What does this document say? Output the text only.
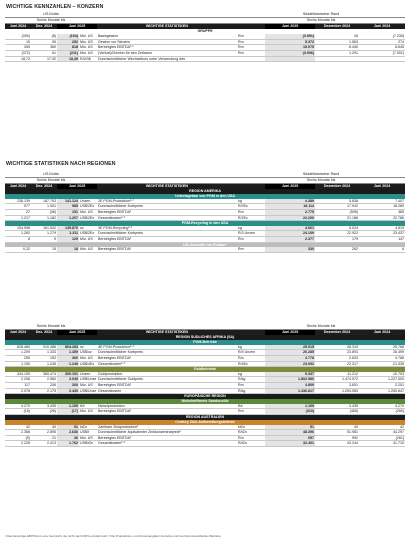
WICHTIGE KENNZAHLEN – KONZERN
US-Dollar					Südafrikanischer Rand			
Sechs Monate bis					Sechs Monate bis			
Juni 2024	Dez. 2024	Juni 2025		WICHTIGE STATISTIKEN		Juni 2025	Dezember 2024	Juni 2024
GRUPPE								
(390)	(8)	(194)	Mio. US	Basisgewinn	Rm	(3.591)	28	(7.235)
15	55	292	Mio. US	Gewinn vor Steuern	Rm	5.372	1.563	274
355	360	818	Mio. US	Bereinigtes EBITDA¹·²	Rm	15.075	6.440	6.645
(372)	61	(211)	Mio. US	(Verlust)/Gewinn für den Zeitraum	Rm	(3.906)	1.291	(7.001)
18,72	17,92	18,39	R/US$	Durchschnittlicher Wechselkurs unter Verwendung des				
WICHTIGE STATISTIKEN NACH REGIONEN
US-Dollar					Südafrikanischer Rand			
Sechs Monate bis					Sechs Monate bis			
Juni 2024	Dez. 2024	Juni 2025		WICHTIGE STATISTIKEN		Juni 2025	Dezember 2024	Juni 2024
REGION AMERIKA								
Untertagebau von PGM in den USA								
238.139	187.703	141.124	Unzen	2E PGM-Produktion¹·²	kg	4.389	5.838	7.407
977	1.001	985	US$/2Ez	Durchschnittlicher Korbpreis	R/2Ez	18.114	17.942	18.289
27	(36)	151	Mio. US	Bereinigtes EBITDA¹	Rm	2.775	(595)	485
1.217	1.182	1.207	US$/2Ez	Gesamtkosten²·³	R/2Ez	22.200	21.188	22.786
PGM-Recycling in den USA								
154.998	161.532	149.870	oz	3E PGM-Recycling²·³	kg	4.661	5.024	4.819
1.282	1.279	1.311	US$/2Ez	Durchschnittlicher Korbpreis	R/3 Unzen	24.109	22.922	23.437
8	9	129	Mio. US	Bereinigtes EBITDA¹	Rm	2.377	179	147
US-Geschäft von Reldan⁴								
0,32	15	18	Mio. US	Bereinigtes EBITDA¹	Rm	330	262	6
Sechs Monate bis					Sechs Monate bis			
Juni 2024	Dez. 2024	Juni 2025		WICHTIGE STATISTIKEN		Juni 2025	Dezember 2024	Juni 2024
REGION SÜDLICHES AFRIKA (SA)								
PGM-Betriebe								
828.460	910.486	804.283	oz	4E PGM-Produktion²·³	kg	25.015	28.319	25.768
1.209	1.333	1.459	US$/oz	Durchschnittlicher Korbpreis	R/4 Unzen	26.285	23.893	26.499
255	152	360	Mio. US	Bereinigtes EBITDA¹	Rm	4.778	2.633	4.766
1.150	1.245	1.249	US$/4Ez	Gesamtkosten²·³	R/4Ez	23.092	22.317	21.535
Goldbetriebe								
344.109	360.474	300.191	Unzen	Goldproduktion	kg	9.337	11.212	10.703
2.206	2.560	3.049	US$/Unze	Durchschnittlicher Goldpreis	R/kg	1.802.580	1.474.972	1.227.000
117	206	260	Mio. US	Bereinigtes EBITDA¹	Rm	4.809	3.651	2.201
2.078	2.175	2.430	US$/Unze	Gesamtkosten	R/kg	1.436.817	1.253.083	1.250.647
EUROPÄISCHE REGION								
Nickelraffinerie Sandouville								
4.270	3.435	1.109	tNi	Nickelproduktion	tNi	1.109	3.435	4.270
(15)	(26)	(17)	Mio. US	Bereinigtes EBITDA¹	Rm	(310)	(465)	(280)
REGION AUSTRALIEN								
Century Zink-Aufbereitungsbetrieb								
42	40	51	ktZn	Zahlbare Zinkproduktion²	ktZn	51	40	42
2.366	2.895	2.636	US$/t	Durchschnittlicher äquivalenter Zinkkonzentratpreis²	R/tZn	48.396	51.981	44.297
(9)	21	36	Mio. US	Bereinigtes EBITDA¹	Rm	657	992	(261)
2.228	2.413	1.762	US$/tZn	Gesamtkosten²·³	R/tZn	32.401	43.244	41.710
¹ Das bereinigte EBITDA ist eine Kennzahl, die nicht nach IFRS ermittelt wird; ² Die Produktions- und Kostenangaben beziehen sich auf die konsolidierten Betriebe
